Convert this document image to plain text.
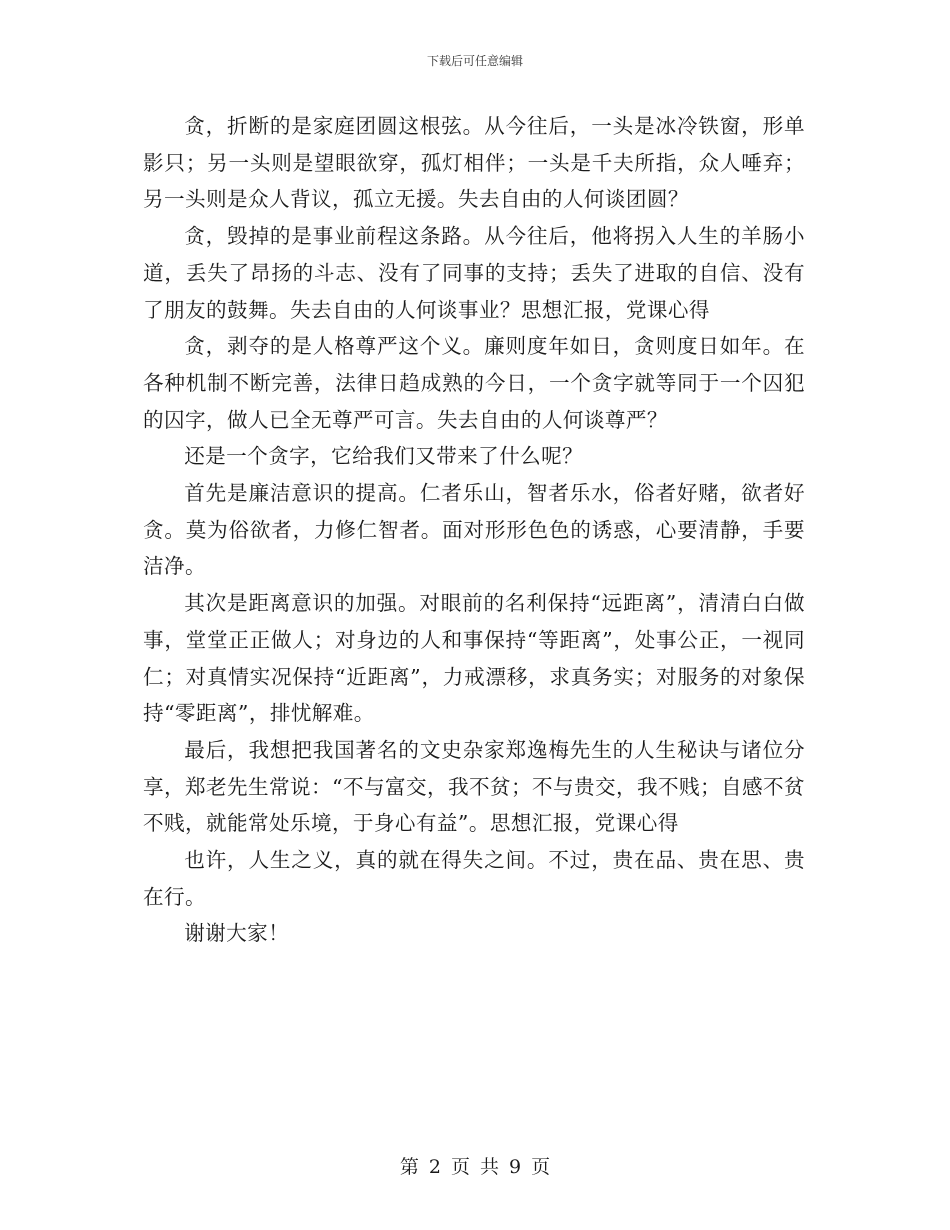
下载后可任意编辑

贪，折断的是家庭团圆这根弦。从今往后，一头是冰冷铁窗，形单影只；另一头则是望眼欲穿，孤灯相伴；一头是千夫所指，众人唾弃；另一头则是众人背议，孤立无援。失去自由的人何谈团圆？

贪，毁掉的是事业前程这条路。从今往后，他将拐入人生的羊肠小道，丢失了昂扬的斗志、没有了同事的支持；丢失了进取的自信、没有了朋友的鼓舞。失去自由的人何谈事业？思想汇报，党课心得

贪，剥夺的是人格尊严这个义。廉则度年如日，贪则度日如年。在各种机制不断完善，法律日趋成熟的今日，一个贪字就等同于一个囚犯的囚字，做人已全无尊严可言。失去自由的人何谈尊严？

还是一个贪字，它给我们又带来了什么呢？

首先是廉洁意识的提高。仁者乐山，智者乐水，俗者好赌，欲者好贪。莫为俗欲者，力修仁智者。面对形形色色的诱惑，心要清静，手要洁净。

其次是距离意识的加强。对眼前的名利保持“远距离”，清清白白做事，堂堂正正做人；对身边的人和事保持“等距离”，处事公正，一视同仁；对真情实况保持“近距离”，力戒漂移，求真务实；对服务的对象保持“零距离”，排忧解难。

最后，我想把我国著名的文史杂家郑逸梅先生的人生秘诀与诸位分享，郑老先生常说：“不与富交，我不贫；不与贵交，我不贱；自感不贫不贱，就能常处乐境，于身心有益”。思想汇报，党课心得

也许，人生之义，真的就在得失之间。不过，贵在品、贵在思、贵在行。

谢谢大家！

第 2 页 共 9 页
